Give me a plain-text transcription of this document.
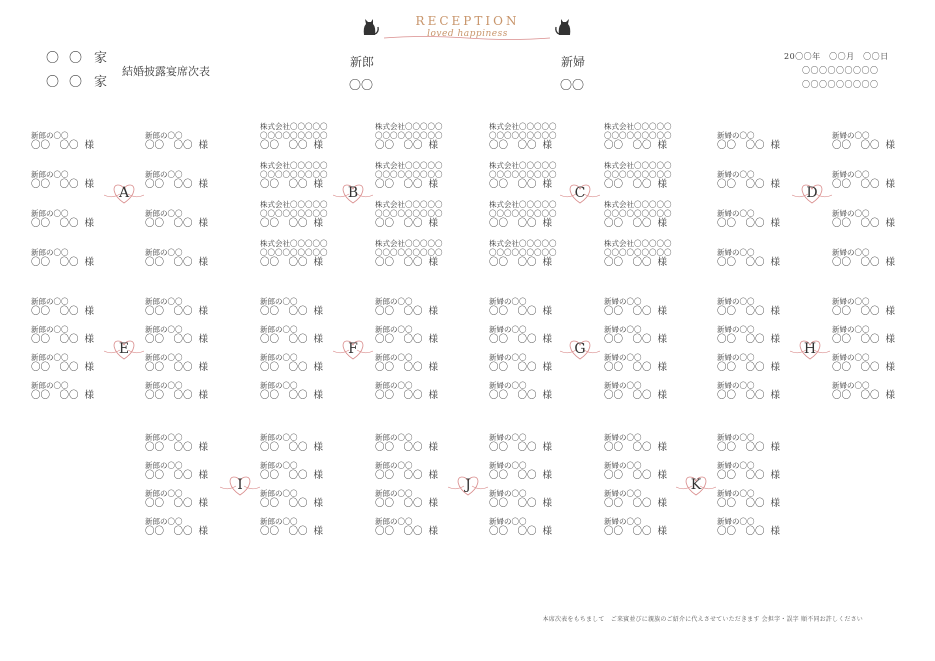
RECEPTION
loved happiness
〇 〇 家
〇 〇 家
結婚披露宴席次表
新郎
〇〇
新婦
〇〇
20〇〇年　〇〇月　〇〇日
〇〇〇〇〇〇〇〇〇
〇〇〇〇〇〇〇〇〇
新郎の〇〇
〇〇　〇〇 様
新郎の〇〇
〇〇　〇〇 様
新郎の〇〇
〇〇　〇〇 様
新郎の〇〇
〇〇　〇〇 様
新郎の〇〇
〇〇　〇〇 様
新郎の〇〇
〇〇　〇〇 様
新郎の〇〇
〇〇　〇〇 様
新郎の〇〇
〇〇　〇〇 様
株式会社〇〇〇〇〇
〇〇〇〇〇〇〇〇〇
〇〇　〇〇 様
株式会社〇〇〇〇〇
〇〇〇〇〇〇〇〇〇
〇〇　〇〇 様
株式会社〇〇〇〇〇
〇〇〇〇〇〇〇〇〇
〇〇　〇〇 様
株式会社〇〇〇〇〇
〇〇〇〇〇〇〇〇〇
〇〇　〇〇 様
株式会社〇〇〇〇〇
〇〇〇〇〇〇〇〇〇
〇〇　〇〇 様
株式会社〇〇〇〇〇
〇〇〇〇〇〇〇〇〇
〇〇　〇〇 様
株式会社〇〇〇〇〇
〇〇〇〇〇〇〇〇〇
〇〇　〇〇 様
株式会社〇〇〇〇〇
〇〇〇〇〇〇〇〇〇
〇〇　〇〇 様
株式会社〇〇〇〇〇
〇〇〇〇〇〇〇〇〇
〇〇　〇〇 様
株式会社〇〇〇〇〇
〇〇〇〇〇〇〇〇〇
〇〇　〇〇 様
株式会社〇〇〇〇〇
〇〇〇〇〇〇〇〇〇
〇〇　〇〇 様
株式会社〇〇〇〇〇
〇〇〇〇〇〇〇〇〇
〇〇　〇〇 様
株式会社〇〇〇〇〇
〇〇〇〇〇〇〇〇〇
〇〇　〇〇 様
株式会社〇〇〇〇〇
〇〇〇〇〇〇〇〇〇
〇〇　〇〇 様
株式会社〇〇〇〇〇
〇〇〇〇〇〇〇〇〇
〇〇　〇〇 様
株式会社〇〇〇〇〇
〇〇〇〇〇〇〇〇〇
〇〇　〇〇 様
新婦の〇〇
〇〇　〇〇 様
新婦の〇〇
〇〇　〇〇 様
新婦の〇〇
〇〇　〇〇 様
新婦の〇〇
〇〇　〇〇 様
新婦の〇〇
〇〇　〇〇 様
新婦の〇〇
〇〇　〇〇 様
新婦の〇〇
〇〇　〇〇 様
新婦の〇〇
〇〇　〇〇 様
A	B	C	D
新郎の〇〇
〇〇　〇〇 様
新郎の〇〇
〇〇　〇〇 様
新郎の〇〇
〇〇　〇〇 様
新郎の〇〇
〇〇　〇〇 様
新郎の〇〇
〇〇　〇〇 様
新郎の〇〇
〇〇　〇〇 様
新郎の〇〇
〇〇　〇〇 様
新郎の〇〇
〇〇　〇〇 様
新郎の〇〇
〇〇　〇〇 様
新郎の〇〇
〇〇　〇〇 様
新郎の〇〇
〇〇　〇〇 様
新郎の〇〇
〇〇　〇〇 様
新郎の〇〇
〇〇　〇〇 様
新郎の〇〇
〇〇　〇〇 様
新郎の〇〇
〇〇　〇〇 様
新郎の〇〇
〇〇　〇〇 様
新婦の〇〇
〇〇　〇〇 様
新婦の〇〇
〇〇　〇〇 様
新婦の〇〇
〇〇　〇〇 様
新婦の〇〇
〇〇　〇〇 様
新婦の〇〇
〇〇　〇〇 様
新婦の〇〇
〇〇　〇〇 様
新婦の〇〇
〇〇　〇〇 様
新婦の〇〇
〇〇　〇〇 様
新婦の〇〇
〇〇　〇〇 様
新婦の〇〇
〇〇　〇〇 様
新婦の〇〇
〇〇　〇〇 様
新婦の〇〇
〇〇　〇〇 様
新婦の〇〇
〇〇　〇〇 様
新婦の〇〇
〇〇　〇〇 様
新婦の〇〇
〇〇　〇〇 様
新婦の〇〇
〇〇　〇〇 様
E	F	G	H
新郎の〇〇
〇〇　〇〇 様
新郎の〇〇
〇〇　〇〇 様
新郎の〇〇
〇〇　〇〇 様
新郎の〇〇
〇〇　〇〇 様
新郎の〇〇
〇〇　〇〇 様
新郎の〇〇
〇〇　〇〇 様
新郎の〇〇
〇〇　〇〇 様
新郎の〇〇
〇〇　〇〇 様
新郎の〇〇
〇〇　〇〇 様
新郎の〇〇
〇〇　〇〇 様
新郎の〇〇
〇〇　〇〇 様
新郎の〇〇
〇〇　〇〇 様
新婦の〇〇
〇〇　〇〇 様
新婦の〇〇
〇〇　〇〇 様
新婦の〇〇
〇〇　〇〇 様
新婦の〇〇
〇〇　〇〇 様
新婦の〇〇
〇〇　〇〇 様
新婦の〇〇
〇〇　〇〇 様
新婦の〇〇
〇〇　〇〇 様
新婦の〇〇
〇〇　〇〇 様
新婦の〇〇
〇〇　〇〇 様
新婦の〇〇
〇〇　〇〇 様
新婦の〇〇
〇〇　〇〇 様
新婦の〇〇
〇〇　〇〇 様
I	J	K
本席次表をもちまして　ご来賓並びに親族のご紹介に代えさせていただきます 会担字・誤字 順不同お許しください
